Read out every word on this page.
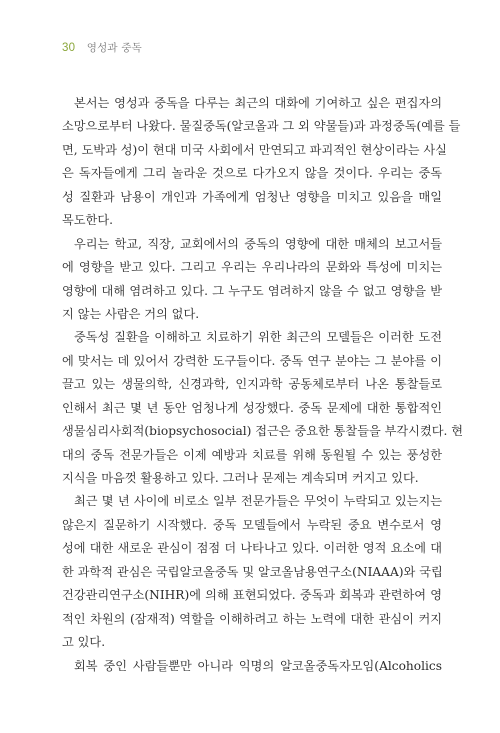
30 영성과 중독
본서는 영성과 중독을 다루는 최근의 대화에 기여하고 싶은 편집자의
소망으로부터 나왔다. 물질중독(알코올과 그 외 약물들)과 과정중독(예를 들
면, 도박과 성)이 현대 미국 사회에서 만연되고 파괴적인 현상이라는 사실
은 독자들에게 그리 놀라운 것으로 다가오지 않을 것이다. 우리는 중독
성 질환과 남용이 개인과 가족에게 엄청난 영향을 미치고 있음을 매일
목도한다.
우리는 학교, 직장, 교회에서의 중독의 영향에 대한 매체의 보고서들
에 영향을 받고 있다. 그리고 우리는 우리나라의 문화와 특성에 미치는
영향에 대해 염려하고 있다. 그 누구도 염려하지 않을 수 없고 영향을 받
지 않는 사람은 거의 없다.
중독성 질환을 이해하고 치료하기 위한 최근의 모델들은 이러한 도전
에 맞서는 데 있어서 강력한 도구들이다. 중독 연구 분야는 그 분야를 이
끌고 있는 생물의학, 신경과학, 인지과학 공동체로부터 나온 통찰들로
인해서 최근 몇 년 동안 엄청나게 성장했다. 중독 문제에 대한 통합적인
생물심리사회적(biopsychosocial) 접근은 중요한 통찰들을 부각시켰다. 현
대의 중독 전문가들은 이제 예방과 치료를 위해 동원될 수 있는 풍성한
지식을 마음껏 활용하고 있다. 그러나 문제는 계속되며 커지고 있다.
최근 몇 년 사이에 비로소 일부 전문가들은 무엇이 누락되고 있는지는
않은지 질문하기 시작했다. 중독 모델들에서 누락된 중요 변수로서 영
성에 대한 새로운 관심이 점점 더 나타나고 있다. 이러한 영적 요소에 대
한 과학적 관심은 국립알코올중독 및 알코올남용연구소(NIAAA)와 국립
건강관리연구소(NIHR)에 의해 표현되었다. 중독과 회복과 관련하여 영
적인 차원의 (잠재적) 역할을 이해하려고 하는 노력에 대한 관심이 커지
고 있다.
회복 중인 사람들뿐만 아니라 익명의 알코올중독자모임(Alcoholics
